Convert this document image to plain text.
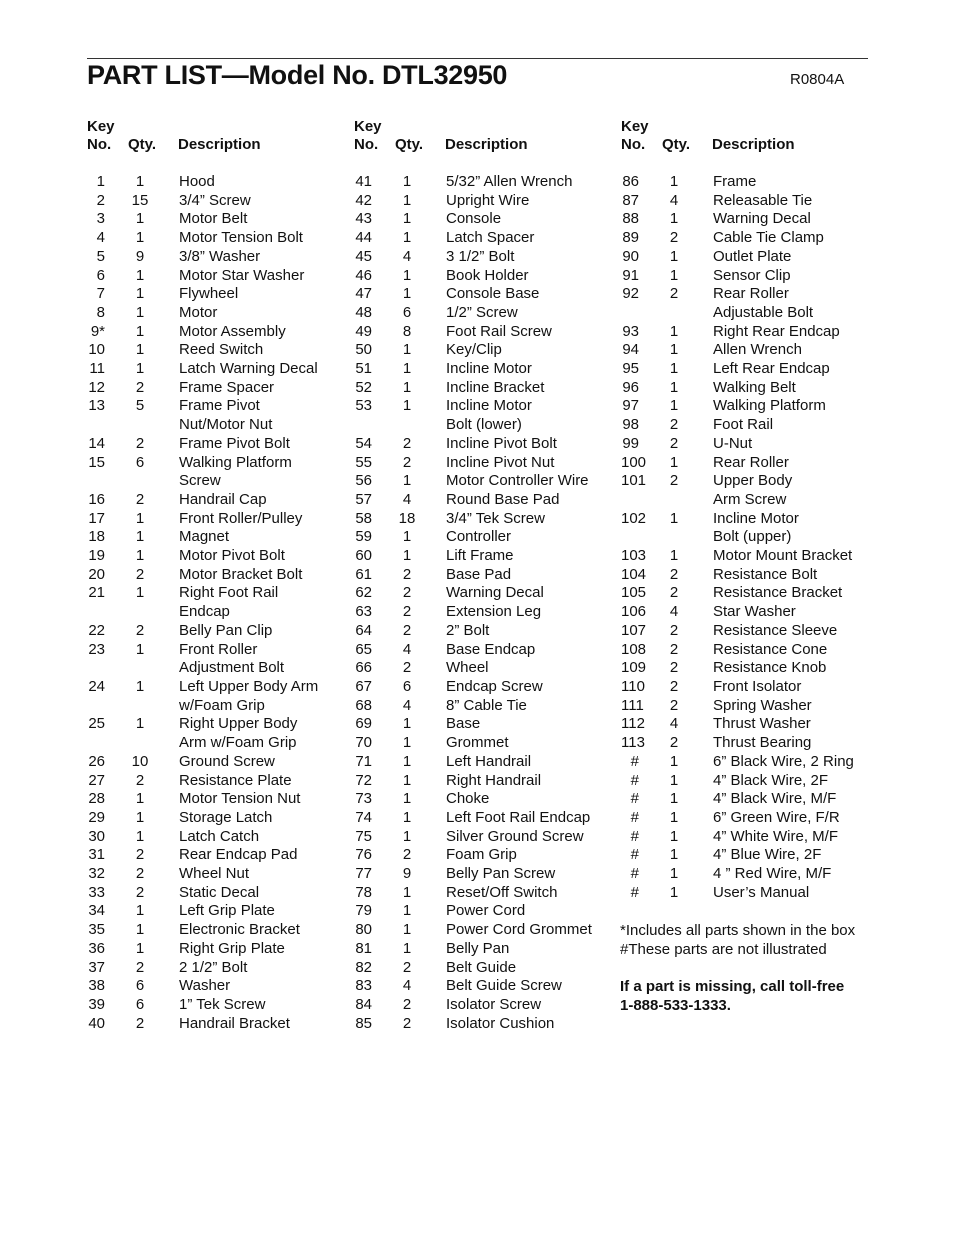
PART LIST—Model No. DTL32950	R0804A
Key
No.	Qty. Description
1	1	Hood
2 15 3/4” Screw
3	1	Motor Belt
4	1	Motor Tension Bolt
5	9	3/8” Washer
6	1	Motor Star Washer
7	1	Flywheel
8	1	Motor
9*	1	Motor Assembly
10	1	Reed Switch
11	1	Latch Warning Decal
12	2	Frame Spacer
13	5	Frame Pivot
Nut/Motor Nut
14	2	Frame Pivot Bolt
15	6	Walking Platform
Screw
16	2	Handrail Cap
17	1	Front Roller/Pulley
18	1	Magnet
19	1	Motor Pivot Bolt
20	2	Motor Bracket Bolt
21	1	Right Foot Rail
Endcap
22	2	Belly Pan Clip
23	1	Front Roller
Adjustment Bolt
24	1	Left Upper Body Arm
w/Foam Grip
25	1	Right Upper Body
Arm w/Foam Grip
26 10 Ground Screw
27	2	Resistance Plate
28	1	Motor Tension Nut
29	1	Storage Latch
30	1	Latch Catch
31	2	Rear Endcap Pad
32	2	Wheel Nut
33	2	Static Decal
34	1	Left Grip Plate
35	1	Electronic Bracket
36	1	Right Grip Plate
37	2	2 1/2” Bolt
38	6	Washer
39	6	1” Tek Screw
40	2	Handrail Bracket
Key
No.	Qty. Description
41	1	5/32” Allen Wrench
42	1	Upright Wire
43	1	Console
44	1	Latch Spacer
45	4	3 1/2” Bolt
46	1	Book Holder
47	1	Console Base
48	6	1/2” Screw
49	8	Foot Rail Screw
50	1	Key/Clip
51	1	Incline Motor
52	1	Incline Bracket
53	1	Incline Motor
Bolt (lower)
54	2	Incline Pivot Bolt
55	2	Incline Pivot Nut
56	1	Motor Controller Wire
57	4	Round Base Pad
58 18 3/4” Tek Screw
59	1	Controller
60	1	Lift Frame
61	2	Base Pad
62	2	Warning Decal
63	2	Extension Leg
64	2	2” Bolt
65	4	Base Endcap
66	2	Wheel
67	6	Endcap Screw
68	4	8” Cable Tie
69	1	Base
70	1	Grommet
71	1	Left Handrail
72	1	Right Handrail
73	1	Choke
74	1	Left Foot Rail Endcap
75	1	Silver Ground Screw
76	2	Foam Grip
77	9	Belly Pan Screw
78	1	Reset/Off Switch
79	1	Power Cord
80	1	Power Cord Grommet
81	1	Belly Pan
82	2	Belt Guide
83	4	Belt Guide Screw
84	2	Isolator Screw
85	2	Isolator Cushion
Key
No.	Qty. Description
86	1	Frame
87	4	Releasable Tie
88	1	Warning Decal
89	2	Cable Tie Clamp
90	1	Outlet Plate
91	1	Sensor Clip
92	2	Rear Roller
Adjustable Bolt
93	1	Right Rear Endcap
94	1	Allen Wrench
95	1	Left Rear Endcap
96	1	Walking Belt
97	1	Walking Platform
98	2	Foot Rail
99	2	U-Nut
100	1	Rear Roller
101	2	Upper Body
Arm Screw
102	1	Incline Motor
Bolt (upper)
103	1	Motor Mount Bracket
104	2	Resistance Bolt
105	2	Resistance Bracket
106	4	Star Washer
107	2	Resistance Sleeve
108	2	Resistance Cone
109	2	Resistance Knob
110	2	Front Isolator
111	2	Spring Washer
112	4	Thrust Washer
113	2	Thrust Bearing
#	1	6” Black Wire, 2 Ring
#	1	4” Black Wire, 2F
#	1	4” Black Wire, M/F
#	1	6” Green Wire, F/R
#	1	4” White Wire, M/F
#	1	4” Blue Wire, 2F
#	1	4 ” Red Wire, M/F
#	1	User’s Manual
*Includes all parts shown in the box
#These parts are not illustrated
If a part is missing, call toll-free
1-888-533-1333.
